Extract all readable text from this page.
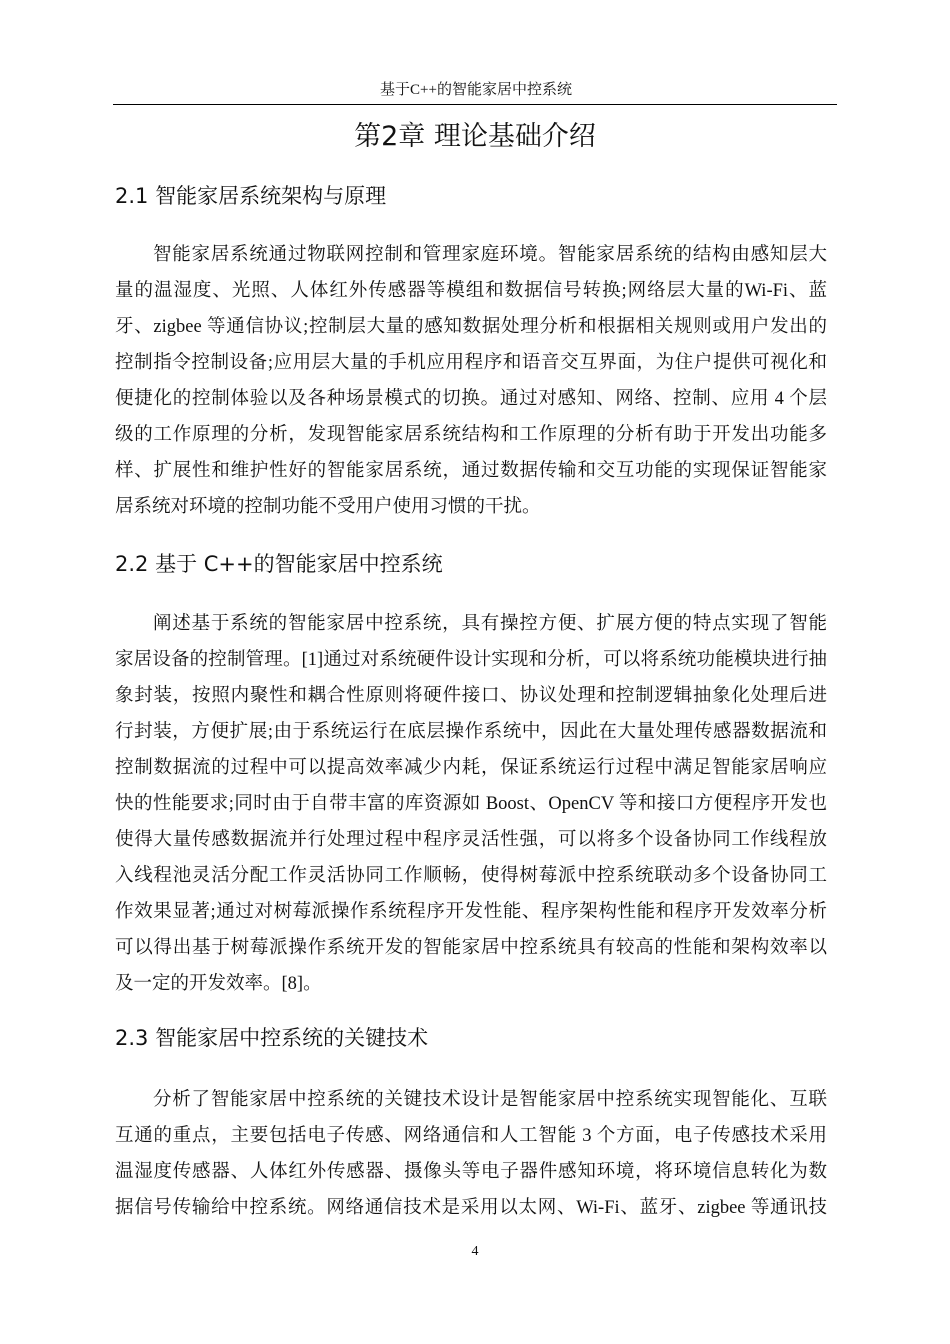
基于C++的智能家居中控系统
第2章 理论基础介绍
2.1 智能家居系统架构与原理
智能家居系统通过物联网控制和管理家庭环境。智能家居系统的结构由感知层大
量的温湿度、光照、人体红外传感器等模组和数据信号转换;网络层大量的Wi-Fi、蓝
牙、zigbee 等通信协议;控制层大量的感知数据处理分析和根据相关规则或用户发出的
控制指令控制设备;应用层大量的手机应用程序和语音交互界面，为住户提供可视化和
便捷化的控制体验以及各种场景模式的切换。通过对感知、网络、控制、应用 4 个层
级的工作原理的分析，发现智能家居系统结构和工作原理的分析有助于开发出功能多
样、扩展性和维护性好的智能家居系统，通过数据传输和交互功能的实现保证智能家
居系统对环境的控制功能不受用户使用习惯的干扰。
2.2 基于 C++的智能家居中控系统
阐述基于系统的智能家居中控系统，具有操控方便、扩展方便的特点实现了智能
家居设备的控制管理。[1]通过对系统硬件设计实现和分析，可以将系统功能模块进行抽
象封装，按照内聚性和耦合性原则将硬件接口、协议处理和控制逻辑抽象化处理后进
行封装，方便扩展;由于系统运行在底层操作系统中，因此在大量处理传感器数据流和
控制数据流的过程中可以提高效率减少内耗，保证系统运行过程中满足智能家居响应
快的性能要求;同时由于自带丰富的库资源如 Boost、OpenCV 等和接口方便程序开发也
使得大量传感数据流并行处理过程中程序灵活性强，可以将多个设备协同工作线程放
入线程池灵活分配工作灵活协同工作顺畅，使得树莓派中控系统联动多个设备协同工
作效果显著;通过对树莓派操作系统程序开发性能、程序架构性能和程序开发效率分析
可以得出基于树莓派操作系统开发的智能家居中控系统具有较高的性能和架构效率以
及一定的开发效率。[8]。
2.3 智能家居中控系统的关键技术
分析了智能家居中控系统的关键技术设计是智能家居中控系统实现智能化、互联
互通的重点，主要包括电子传感、网络通信和人工智能 3 个方面，电子传感技术采用
温湿度传感器、人体红外传感器、摄像头等电子器件感知环境，将环境信息转化为数
据信号传输给中控系统。网络通信技术是采用以太网、Wi-Fi、蓝牙、zigbee 等通讯技
4
